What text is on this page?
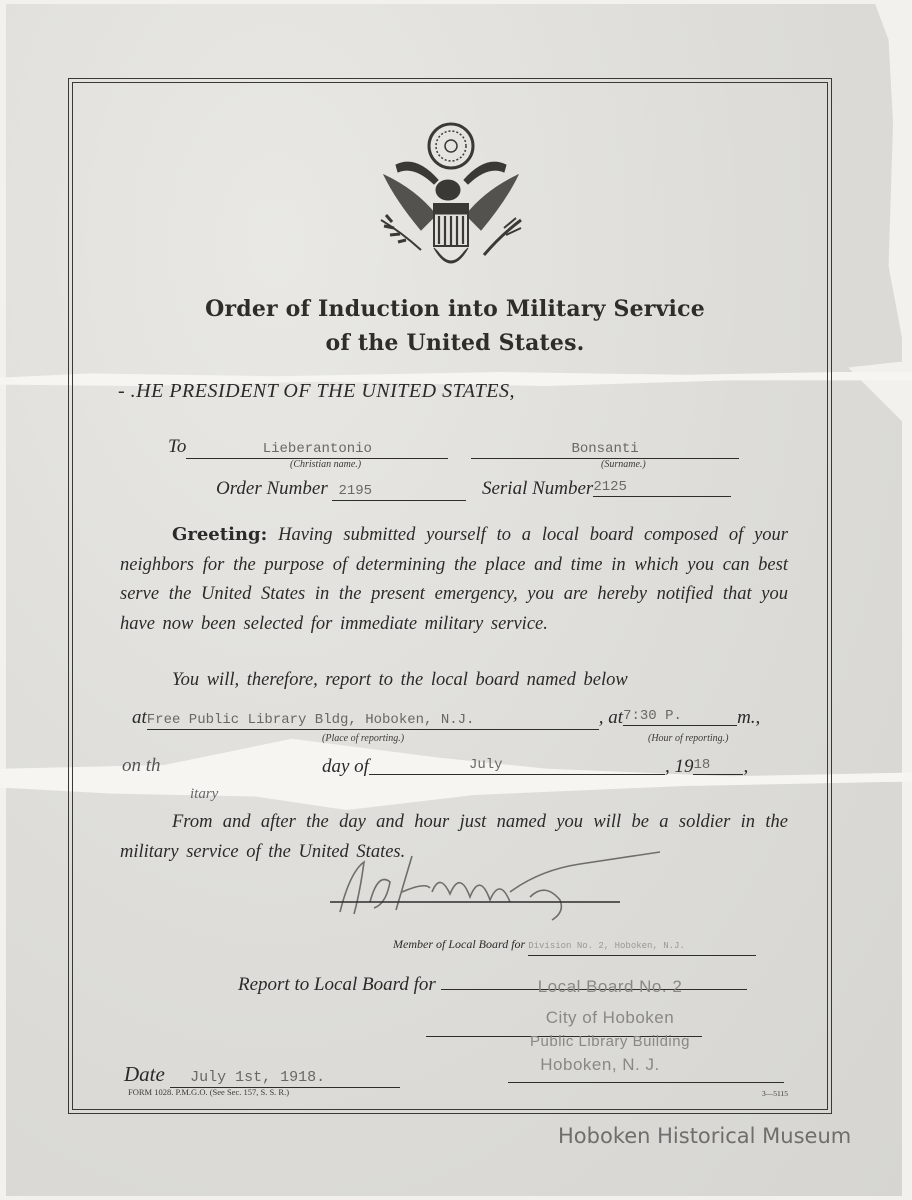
Order of Induction into Military Service
of the United States.
- .HE PRESIDENT OF THE UNITED STATES,
To	Lieberantonio	Bonsanti
(Christian name.)	(Surname.)
Order Number 2195	Serial Number2125
Greeting: Having submitted yourself to a local board composed of your neighbors for the purpose of determining the place and time in which you can best serve the United States in the present emergency, you are hereby notified that you have now been selected for immediate military service.
You will, therefore, report to the local board named below
atFree Public Library Bldg, Hoboken, N.J.	, at7:30 P.	m.,
(Place of reporting.)	(Hour of reporting.)
on th	day of	July	, 1918 ,
itary
From and after the day and hour just named you will be a soldier in the military service of the United States.
Member of Local Board for Division No. 2, Hoboken, N.J.
Report to Local Board for	Local Board No. 2
City of Hoboken
Public Library Building
Hoboken, N. J.
Date July 1st, 1918.
FORM 1028. P.M.G.O. (See Sec. 157, S. S. R.)	3—5115
Hoboken Historical Museum
